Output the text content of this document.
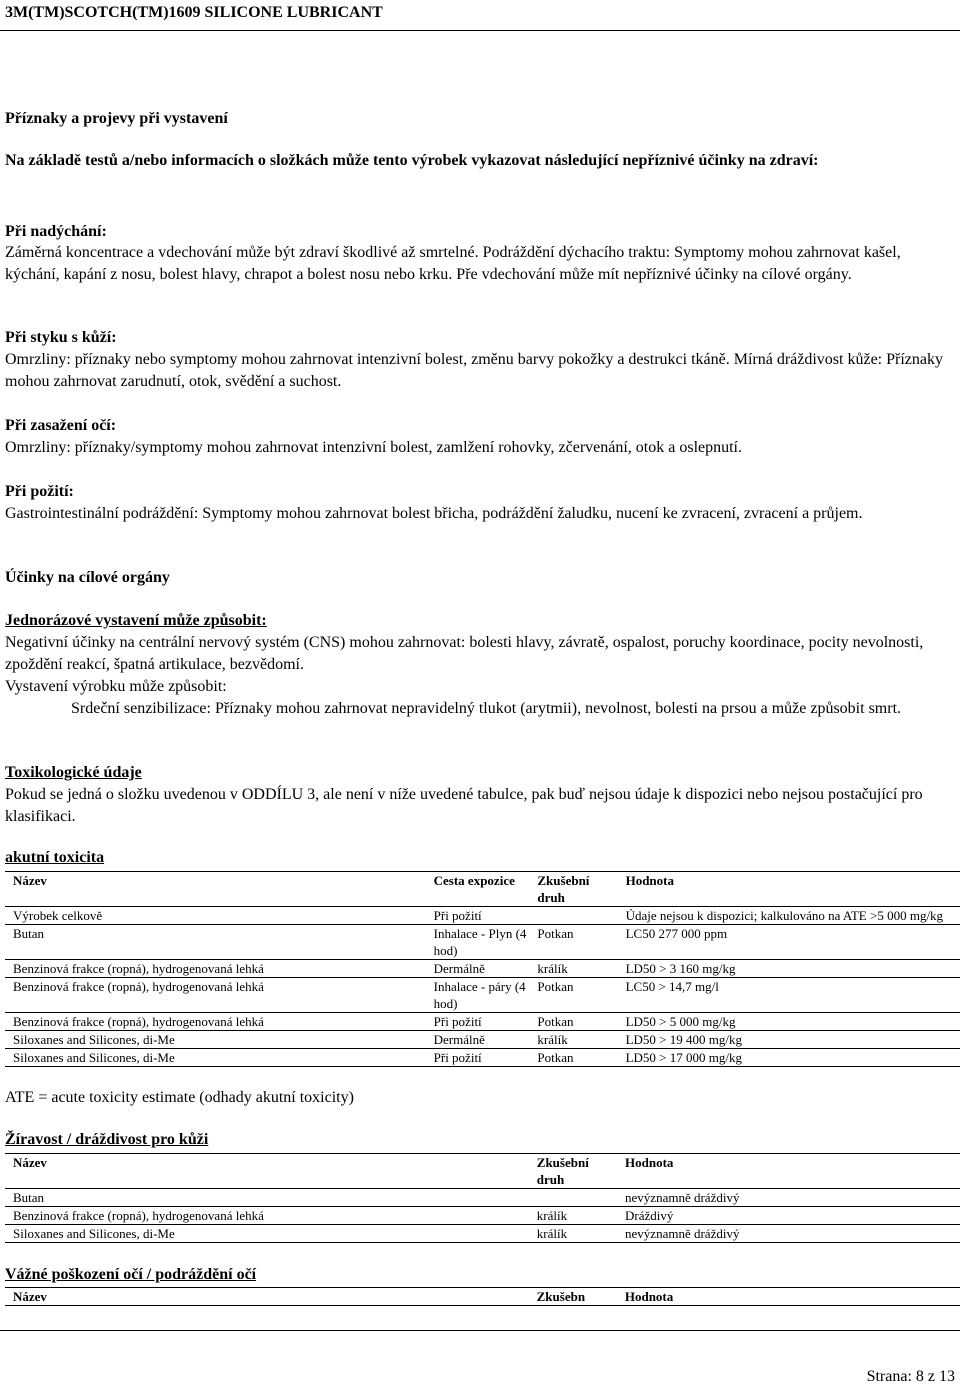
3M(TM)SCOTCH(TM)1609 SILICONE LUBRICANT
Příznaky a projevy při vystavení
Na základě testů a/nebo informacích o složkách může tento výrobek vykazovat následující nepříznivé účinky na zdraví:
Při nadýchání:
Záměrná koncentrace a vdechování může být zdraví škodlivé až smrtelné. Podráždění dýchacího traktu: Symptomy mohou zahrnovat kašel, kýchání, kapání z nosu, bolest hlavy, chrapot a bolest nosu nebo krku. Pře vdechování může mít nepříznivé účinky na cílové orgány.
Při styku s kůží:
Omrzliny: příznaky nebo symptomy mohou zahrnovat intenzivní bolest, změnu barvy pokožky a destrukci tkáně. Mírná dráždivost kůže: Příznaky mohou zahrnovat zarudnutí, otok, svědění a suchost.
Při zasažení očí:
Omrzliny: příznaky/symptomy mohou zahrnovat intenzivní bolest, zamlžení rohovky, zčervenání, otok a oslepnutí.
Při požití:
Gastrointestinální podráždění: Symptomy mohou zahrnovat bolest břicha, podráždění žaludku, nucení ke zvracení, zvracení a průjem.
Účinky na cílové orgány
Jednorázové vystavení může způsobit:
Negativní účinky na centrální nervový systém (CNS) mohou zahrnovat: bolesti hlavy, závratě, ospalost, poruchy koordinace, pocity nevolnosti, zpoždění reakcí, špatná artikulace, bezvědomí.
Vystavení výrobku může způsobit:
Srdeční senzibilizace: Příznaky mohou zahrnovat nepravidelný tlukot (arytmii), nevolnost, bolesti na prsou a může způsobit smrt.
Toxikologické údaje
Pokud se jedná o složku uvedenou v ODDÍLU 3, ale není v níže uvedené tabulce, pak buď nejsou údaje k dispozici nebo nejsou postačující pro klasifikaci.
akutní toxicita
Název	Cesta expozice	Zkušební druh	Hodnota
Výrobek celkově	Při požití		Údaje nejsou k dispozici; kalkulováno na ATE >5 000 mg/kg
Butan	Inhalace - Plyn (4 hod)	Potkan	LC50 277 000 ppm
Benzinová frakce (ropná), hydrogenovaná lehká	Dermálně	králík	LD50 > 3 160 mg/kg
Benzinová frakce (ropná), hydrogenovaná lehká	Inhalace - páry (4 hod)	Potkan	LC50 > 14,7 mg/l
Benzinová frakce (ropná), hydrogenovaná lehká	Při požití	Potkan	LD50 > 5 000 mg/kg
Siloxanes and Silicones, di-Me	Dermálně	králík	LD50 > 19 400 mg/kg
Siloxanes and Silicones, di-Me	Při požití	Potkan	LD50 > 17 000 mg/kg
ATE = acute toxicity estimate (odhady akutní toxicity)
Žíravost / dráždivost pro kůži
Název		Zkušební druh	Hodnota
Butan			nevýznamně dráždivý
Benzinová frakce (ropná), hydrogenovaná lehká		králík	Dráždivý
Siloxanes and Silicones, di-Me		králík	nevýznamně dráždivý
Vážné poškození očí / podráždění očí
Název		Zkušebn	Hodnota
Strana: 8 z 13
